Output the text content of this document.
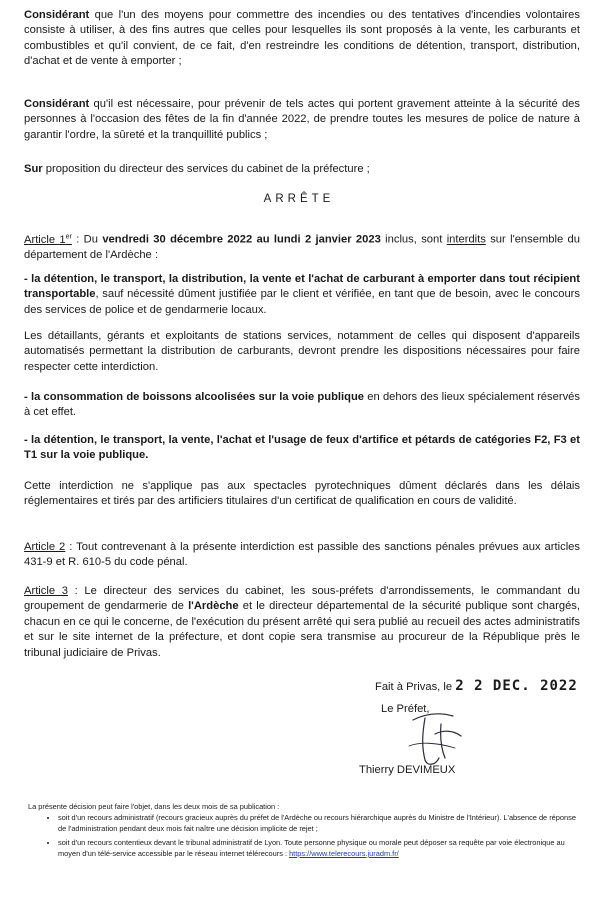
Considérant que l'un des moyens pour commettre des incendies ou des tentatives d'incendies volontaires consiste à utiliser, à des fins autres que celles pour lesquelles ils sont proposés à la vente, les carburants et combustibles et qu'il convient, de ce fait, d'en restreindre les conditions de détention, transport, distribution, d'achat et de vente à emporter ;

Considérant qu'il est nécessaire, pour prévenir de tels actes qui portent gravement atteinte à la sécurité des personnes à l'occasion des fêtes de la fin d'année 2022, de prendre toutes les mesures de police de nature à garantir l'ordre, la sûreté et la tranquillité publics ;

Sur proposition du directeur des services du cabinet de la préfecture ;

ARRÊTE

Article 1er : Du vendredi 30 décembre 2022 au lundi 2 janvier 2023 inclus, sont interdits sur l'ensemble du département de l'Ardèche :

- la détention, le transport, la distribution, la vente et l'achat de carburant à emporter dans tout récipient transportable, sauf nécessité dûment justifiée par le client et vérifiée, en tant que de besoin, avec le concours des services de police et de gendarmerie locaux.

Les détaillants, gérants et exploitants de stations services, notamment de celles qui disposent d'appareils automatisés permettant la distribution de carburants, devront prendre les dispositions nécessaires pour faire respecter cette interdiction.

- la consommation de boissons alcoolisées sur la voie publique en dehors des lieux spécialement réservés à cet effet.

- la détention, le transport, la vente, l'achat et l'usage de feux d'artifice et pétards de catégories F2, F3 et T1 sur la voie publique.

Cette interdiction ne s'applique pas aux spectacles pyrotechniques dûment déclarés dans les délais réglementaires et tirés par des artificiers titulaires d'un certificat de qualification en cours de validité.

Article 2 : Tout contrevenant à la présente interdiction est passible des sanctions pénales prévues aux articles 431-9 et R. 610-5 du code pénal.

Article 3 : Le directeur des services du cabinet, les sous-préfets d'arrondissements, le commandant du groupement de gendarmerie de l'Ardèche et le directeur départemental de la sécurité publique sont chargés, chacun en ce qui le concerne, de l'exécution du présent arrêté qui sera publié au recueil des actes administratifs et sur le site internet de la préfecture, et dont copie sera transmise au procureur de la République près le tribunal judiciaire de Privas.

Fait à Privas, le 2 2 DEC. 2022
Le Préfet,
Thierry DEVIMEUX
La présente décision peut faire l'objet, dans les deux mois de sa publication :
• soit d'un recours administratif (recours gracieux auprès du préfet de l'Ardèche ou recours hiérarchique auprès du Ministre de l'Intérieur). L'absence de réponse de l'administration pendant deux mois fait naître une décision implicite de rejet ;
• soit d'un recours contentieux devant le tribunal administratif de Lyon. Toute personne physique ou morale peut déposer sa requête par voie électronique au moyen d'un télé-service accessible par le réseau internet télérecours : https://www.telerecours.juradm.fr/
